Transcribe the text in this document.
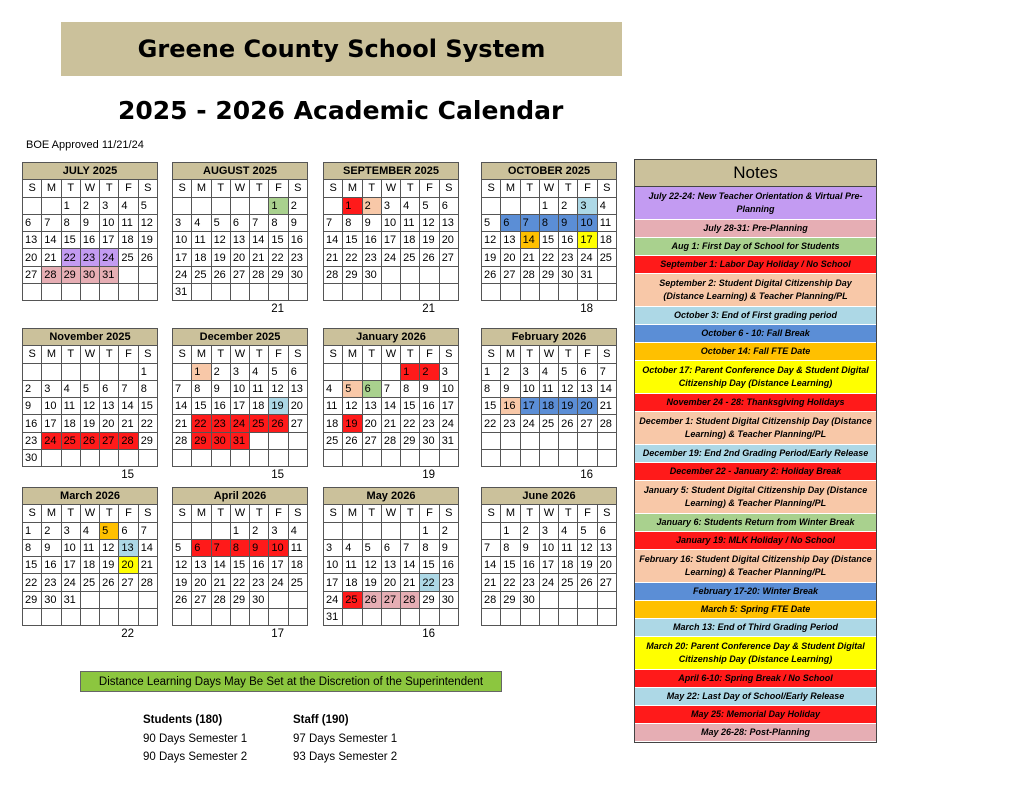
Greene County School System
2025 - 2026 Academic Calendar
BOE Approved 11/21/24
JULY 2025						
S	M	T	W	T	F	S
		1	2	3	4	5
6	7	8	9	10	11	12
13	14	15	16	17	18	19
20	21	22	23	24	25	26
27	28	29	30	31		

AUGUST 2025						
S	M	T	W	T	F	S
					1	2
3	4	5	6	7	8	9
10	11	12	13	14	15	16
17	18	19	20	21	22	23
24	25	26	27	28	29	30
31						
21
SEPTEMBER 2025						
S	M	T	W	T	F	S
	1	2	3	4	5	6
7	8	9	10	11	12	13
14	15	16	17	18	19	20
21	22	23	24	25	26	27
28	29	30				

21
OCTOBER 2025						
S	M	T	W	T	F	S
			1	2	3	4
5	6	7	8	9	10	11
12	13	14	15	16	17	18
19	20	21	22	23	24	25
26	27	28	29	30	31	

18
November 2025						
S	M	T	W	T	F	S
						1
2	3	4	5	6	7	8
9	10	11	12	13	14	15
16	17	18	19	20	21	22
23	24	25	26	27	28	29
30						
15
December 2025						
S	M	T	W	T	F	S
	1	2	3	4	5	6
7	8	9	10	11	12	13
14	15	16	17	18	19	20
21	22	23	24	25	26	27
28	29	30	31			

15
January 2026						
S	M	T	W	T	F	S
				1	2	3
4	5	6	7	8	9	10
11	12	13	14	15	16	17
18	19	20	21	22	23	24
25	26	27	28	29	30	31

19
February 2026						
S	M	T	W	T	F	S
1	2	3	4	5	6	7
8	9	10	11	12	13	14
15	16	17	18	19	20	21
22	23	24	25	26	27	28

16
March 2026						
S	M	T	W	T	F	S
1	2	3	4	5	6	7
8	9	10	11	12	13	14
15	16	17	18	19	20	21
22	23	24	25	26	27	28
29	30	31				

22
April 2026						
S	M	T	W	T	F	S
			1	2	3	4
5	6	7	8	9	10	11
12	13	14	15	16	17	18
19	20	21	22	23	24	25
26	27	28	29	30		

17
May 2026						
S	M	T	W	T	F	S
					1	2
3	4	5	6	7	8	9
10	11	12	13	14	15	16
17	18	19	20	21	22	23
24	25	26	27	28	29	30
31						
16
June 2026						
S	M	T	W	T	F	S
	1	2	3	4	5	6
7	8	9	10	11	12	13
14	15	16	17	18	19	20
21	22	23	24	25	26	27
28	29	30				

Notes
July 22-24: New Teacher Orientation & Virtual Pre-Planning
July 28-31: Pre-Planning
Aug 1: First Day of School for Students
September 1: Labor Day Holiday / No School
September 2: Student Digital Citizenship Day (Distance Learning) & Teacher Planning/PL
October 3: End of First grading period
October 6 - 10: Fall Break
October 14: Fall FTE Date
October 17: Parent Conference Day & Student Digital Citizenship Day (Distance Learning)
November 24 - 28: Thanksgiving Holidays
December 1: Student Digital Citizenship Day (Distance Learning) & Teacher Planning/PL
December 19: End 2nd Grading Period/Early Release
December 22 - January 2: Holiday Break
January 5: Student Digital Citizenship Day (Distance Learning) & Teacher Planning/PL
January 6: Students Return from Winter Break
January 19: MLK Holiday / No School
February 16: Student Digital Citizenship Day (Distance Learning) & Teacher Planning/PL
February 17-20: Winter Break
March 5: Spring FTE Date
March 13: End of Third Grading Period
March 20: Parent Conference Day & Student Digital Citizenship Day (Distance Learning)
April 6-10: Spring Break / No School
May 22: Last Day of School/Early Release
May 25: Memorial Day Holiday
May 26-28: Post-Planning
Distance Learning Days May Be Set at the Discretion of the Superintendent
Students (180)
90 Days Semester 1
90 Days Semester 2
Staff (190)
97 Days Semester 1
93 Days Semester 2
